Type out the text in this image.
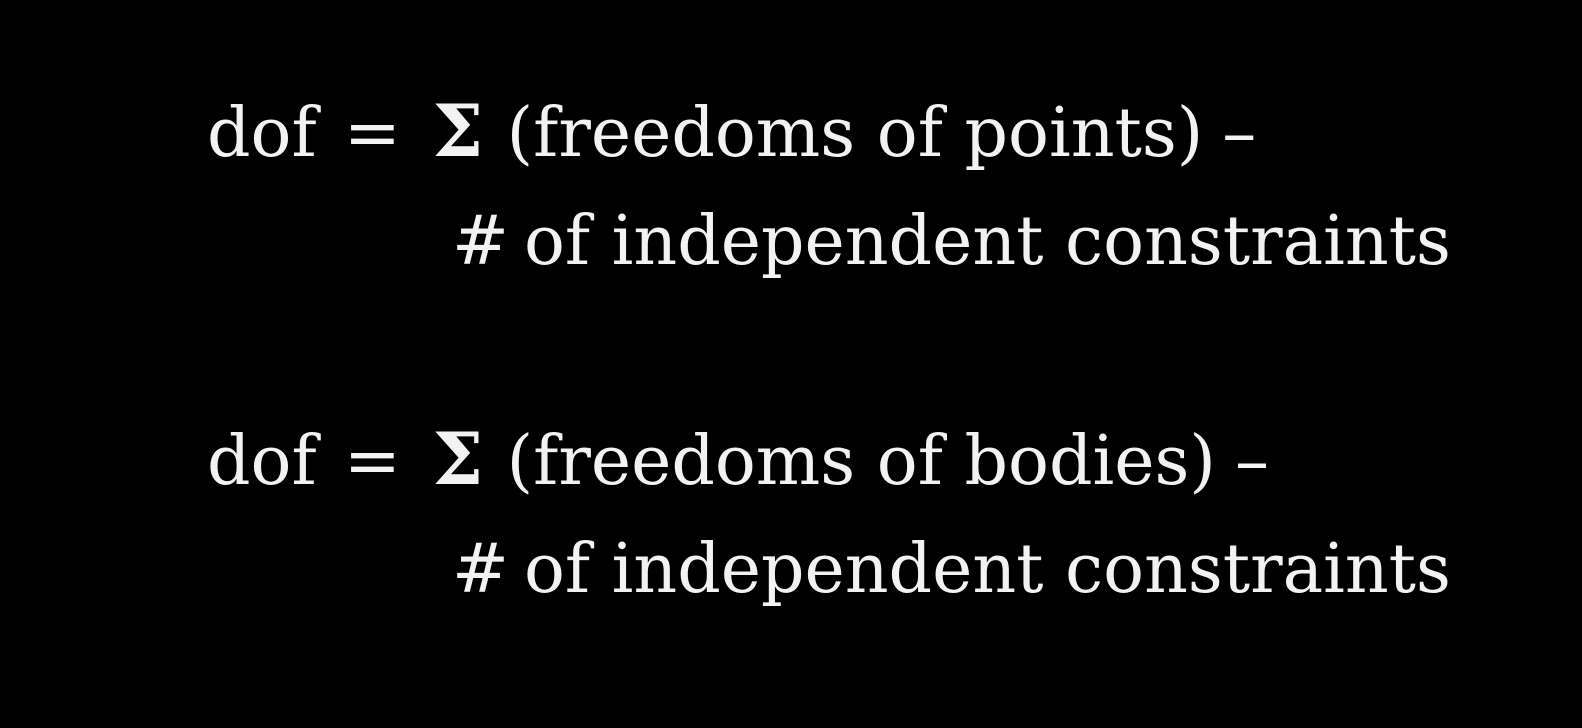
dof = Σ (freedoms of points) –
# of independent constraints
dof = Σ (freedoms of bodies) –
# of independent constraints
